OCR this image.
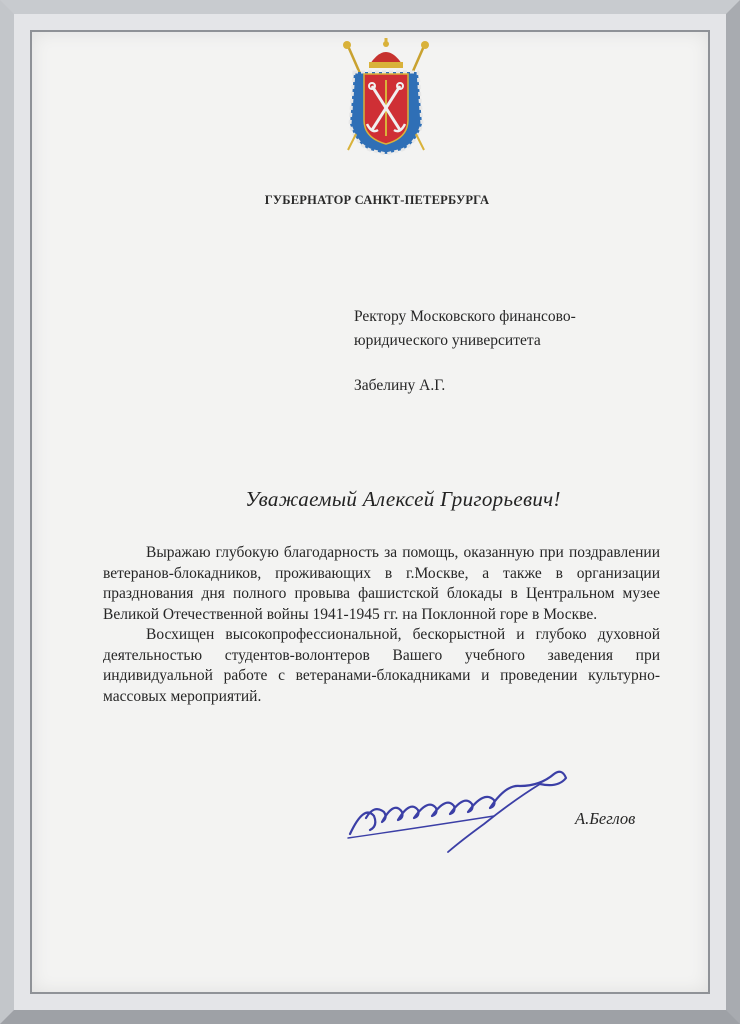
ГУБЕРНАТОР САНКТ-ПЕТЕРБУРГА
Ректору Московского финансово-
юридического университета
Забелину А.Г.
Уважаемый Алексей Григорьевич!

Выражаю глубокую благодарность за помощь, оказанную при поздравлении ветеранов-блокадников, проживающих в г.Москве, а также в организации празднования дня полного провыва фашистской блокады в Центральном музее Великой Отечественной войны 1941-1945 гг. на Поклонной горе в Москве.

Восхищен высокопрофессиональной, бескорыстной и глубоко духовной деятельностью студентов-волонтеров Вашего учебного заведения при индивидуальной работе с ветеранами-блокадниками и проведении культурно-массовых мероприятий.

А.Беглов
